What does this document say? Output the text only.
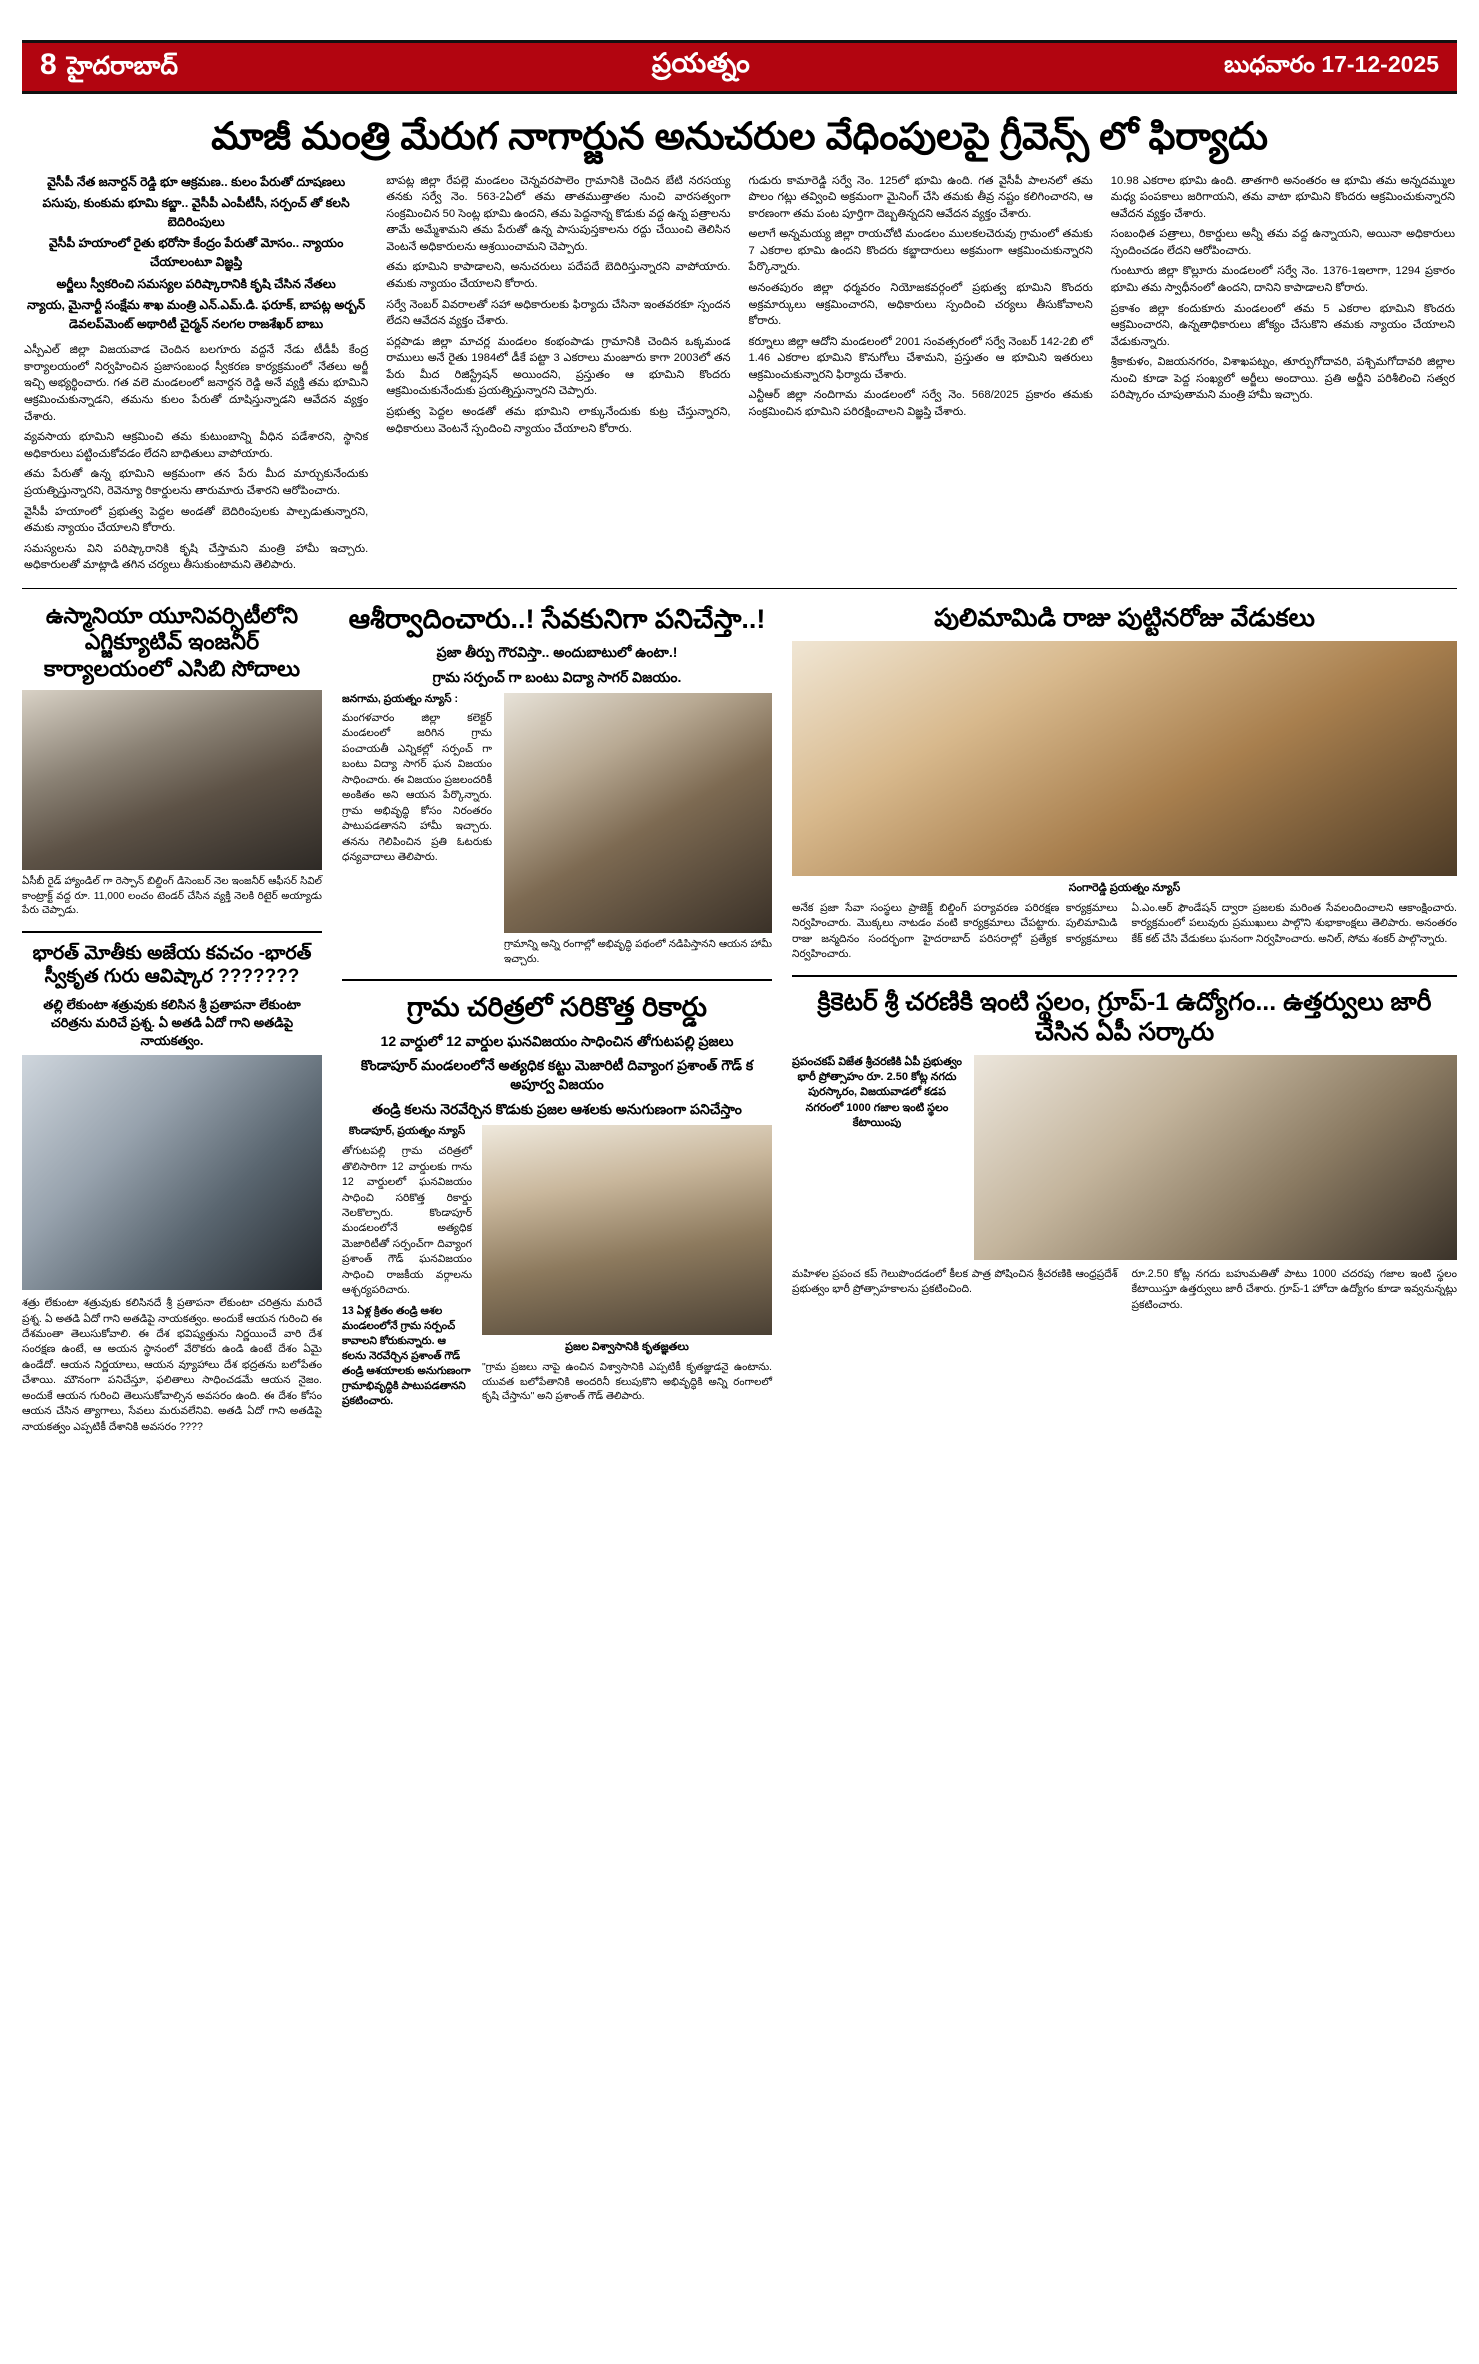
8 హైదరాబాద్	ప్రయత్నం	బుధవారం 17-12-2025
మాజీ మంత్రి మేరుగ నాగార్జున అనుచరుల వేధింపులపై గ్రీవెన్స్ లో ఫిర్యాదు
వైసీపీ నేత జనార్దన్ రెడ్డి భూ ఆక్రమణ.. కులం పేరుతో దూషణలు
పసుపు, కుంకుమ భూమి కబ్జా.. వైసీపీ ఎంపీటీసీ, సర్పంచ్ తో కలసి బెదిరింపులు
వైసీపీ హయాంలో రైతు భరోసా కేంద్రం పేరుతో మోసం.. న్యాయం చేయాలంటూ విజ్ఞప్తి
అర్జీలు స్వీకరించి సమస్యల పరిష్కారానికి కృషి చేసిన నేతలు
న్యాయ, మైనార్టీ సంక్షేమ శాఖ మంత్రి ఎన్.ఎమ్.డి. ఫరూక్, బాపట్ల అర్బన్ డెవలప్‌మెంట్ అథారిటీ చైర్మన్ నలగల రాజశేఖర్ బాబు

ఎస్పీఎల్ జిల్లా విజయవాడ చెందిన బలగూరు వద్దనే నేడు టీడీపీ కేంద్ర కార్యాలయంలో నిర్వహించిన ప్రజాసంబంధ స్వీకరణ కార్యక్రమంలో నేతలు అర్జీ ఇచ్చి అభ్యర్థించారు. గత వలె మండలంలో జనార్దన రెడ్డి అనే వ్యక్తి తమ భూమిని ఆక్రమించుకున్నాడని, తమను కులం పేరుతో దూషిస్తున్నాడని ఆవేదన వ్యక్తం చేశారు.

వ్యవసాయ భూమిని ఆక్రమించి తమ కుటుంబాన్ని వీధిన పడేశారని, స్థానిక అధికారులు పట్టించుకోవడం లేదని బాధితులు వాపోయారు.

తమ పేరుతో ఉన్న భూమిని అక్రమంగా తన పేరు మీద మార్చుకునేందుకు ప్రయత్నిస్తున్నారని, రెవెన్యూ రికార్డులను తారుమారు చేశారని ఆరోపించారు.

వైసీపీ హయాంలో ప్రభుత్వ పెద్దల అండతో బెదిరింపులకు పాల్పడుతున్నారని, తమకు న్యాయం చేయాలని కోరారు.

సమస్యలను విని పరిష్కారానికి కృషి చేస్తామని మంత్రి హామీ ఇచ్చారు. అధికారులతో మాట్లాడి తగిన చర్యలు తీసుకుంటామని తెలిపారు.

బాపట్ల జిల్లా రేపల్లె మండలం చెన్నవరపాలెం గ్రామానికి చెందిన బేటి నరసయ్య తనకు సర్వే నెం. 563-2ఏలో తమ తాతముత్తాతల నుంచి వారసత్వంగా సంక్రమించిన 50 సెంట్ల భూమి ఉందని, తమ పెద్దనాన్న కొడుకు వద్ద ఉన్న పత్రాలను తామే అమ్మేశామని తమ పేరుతో ఉన్న పాసుపుస్తకాలను రద్దు చేయించి తెలిసిన వెంటనే అధికారులను ఆశ్రయించామని చెప్పారు.

తమ భూమిని కాపాడాలని, అనుచరులు పదేపదే బెదిరిస్తున్నారని వాపోయారు. తమకు న్యాయం చేయాలని కోరారు.

సర్వే నెంబర్ వివరాలతో సహా అధికారులకు ఫిర్యాదు చేసినా ఇంతవరకూ స్పందన లేదని ఆవేదన వ్యక్తం చేశారు.

పర్లపాడు జిల్లా మాచర్ల మండలం కంభంపాడు గ్రామానికి చెందిన ఒక్కమండ రాములు అనే రైతు 1984లో డీకే పట్టా 3 ఎకరాలు మంజూరు కాగా 2003లో తన పేరు మీద రిజిస్ట్రేషన్ అయిందని, ప్రస్తుతం ఆ భూమిని కొందరు ఆక్రమించుకునేందుకు ప్రయత్నిస్తున్నారని చెప్పారు.

ప్రభుత్వ పెద్దల అండతో తమ భూమిని లాక్కునేందుకు కుట్ర చేస్తున్నారని, అధికారులు వెంటనే స్పందించి న్యాయం చేయాలని కోరారు.

గుడురు కామారెడ్డి సర్వే నెం. 125లో భూమి ఉంది. గత వైసీపీ పాలనలో తమ పొలం గట్లు తవ్వించి అక్రమంగా మైనింగ్ చేసి తమకు తీవ్ర నష్టం కలిగించారని, ఆ కారణంగా తమ పంట పూర్తిగా దెబ్బతిన్నదని ఆవేదన వ్యక్తం చేశారు.

అలాగే అన్నమయ్య జిల్లా రాయచోటి మండలం ములకలచెరువు గ్రామంలో తమకు 7 ఎకరాల భూమి ఉందని కొందరు కబ్జాదారులు అక్రమంగా ఆక్రమించుకున్నారని పేర్కొన్నారు.

అనంతపురం జిల్లా ధర్మవరం నియోజకవర్గంలో ప్రభుత్వ భూమిని కొందరు అక్రమార్కులు ఆక్రమించారని, అధికారులు స్పందించి చర్యలు తీసుకోవాలని కోరారు.

కర్నూలు జిల్లా ఆదోని మండలంలో 2001 సంవత్సరంలో సర్వే నెంబర్ 142-2బి లో 1.46 ఎకరాల భూమిని కొనుగోలు చేశామని, ప్రస్తుతం ఆ భూమిని ఇతరులు ఆక్రమించుకున్నారని ఫిర్యాదు చేశారు.

ఎన్టీఆర్ జిల్లా నందిగామ మండలంలో సర్వే నెం. 568/2025 ప్రకారం తమకు సంక్రమించిన భూమిని పరిరక్షించాలని విజ్ఞప్తి చేశారు.

10.98 ఎకరాల భూమి ఉంది. తాతగారి అనంతరం ఆ భూమి తమ అన్నదమ్ముల మధ్య పంపకాలు జరిగాయని, తమ వాటా భూమిని కొందరు ఆక్రమించుకున్నారని ఆవేదన వ్యక్తం చేశారు.

సంబంధిత పత్రాలు, రికార్డులు అన్నీ తమ వద్ద ఉన్నాయని, అయినా అధికారులు స్పందించడం లేదని ఆరోపించారు.

గుంటూరు జిల్లా కొల్లూరు మండలంలో సర్వే నెం. 1376-1ఇలాగా, 1294 ప్రకారం భూమి తమ స్వాధీనంలో ఉందని, దానిని కాపాడాలని కోరారు.

ప్రకాశం జిల్లా కందుకూరు మండలంలో తమ 5 ఎకరాల భూమిని కొందరు ఆక్రమించారని, ఉన్నతాధికారులు జోక్యం చేసుకొని తమకు న్యాయం చేయాలని వేడుకున్నారు.

శ్రీకాకుళం, విజయనగరం, విశాఖపట్నం, తూర్పుగోదావరి, పశ్చిమగోదావరి జిల్లాల నుంచి కూడా పెద్ద సంఖ్యలో అర్జీలు అందాయి. ప్రతి అర్జీని పరిశీలించి సత్వర పరిష్కారం చూపుతామని మంత్రి హామీ ఇచ్చారు.

ఉస్మానియా యూనివర్సిటీలోని ఎగ్జిక్యూటివ్ ఇంజనీర్ కార్యాలయంలో ఎసిబి సోదాలు
ఏసీబీ రైడ్ హ్యాండిల్ గా రెస్పాన్ బిల్డింగ్ డిసెంబర్ నెల ఇంజనీర్ ఆఫీసర్ సివిల్ కాంట్రాక్ట్ వద్ద రూ. 11,000 లంచం టెండర్ చేసిన వ్యక్తి నెలకి రిటైర్ అయ్యాడు పేరు చెప్పాడు.
భారత్ మోతీకు అజేయ కవచం -భారత్ స్వీకృత గురు ఆవిష్కార ???????
తల్లి లేకుంటా శత్రువుకు కలిసిన శ్రీ ప్రతాపనా లేకుంటా చరిత్రను మరిచే ప్రశ్న. ఏ అతడి ఏదో గాని అతడిపై నాయకత్వం.
శత్రు లేకుంటా శత్రువుకు కలిసినదే శ్రీ ప్రతాపనా లేకుంటా చరిత్రను మరిచే ప్రశ్న. ఏ అతడి ఏదో గాని అతడిపై నాయకత్వం. అందుకే ఆయన గురించి ఈ దేశమంతా తెలుసుకోవాలి. ఈ దేశ భవిష్యత్తును నిర్ణయించే వారి దేశ సంరక్షణ ఉంటే, ఆ అయన స్థానంలో వేరొకరు ఉండి ఉంటే దేశం ఏమై ఉండేదో. ఆయన నిర్ణయాలు, ఆయన వ్యూహాలు దేశ భద్రతను బలోపేతం చేశాయి. మౌనంగా పనిచేస్తూ, ఫలితాలు సాధించడమే ఆయన నైజం. అందుకే ఆయన గురించి తెలుసుకోవాల్సిన అవసరం ఉంది. ఈ దేశం కోసం ఆయన చేసిన త్యాగాలు, సేవలు మరువలేనివి. అతడి ఏదో గాని అతడిపై నాయకత్వం ఎప్పటికీ దేశానికి అవసరం ????
ఆశీర్వాదించారు..! సేవకునిగా పనిచేస్తా..!
ప్రజా తీర్పు గౌరవిస్తా.. అందుబాటులో ఉంటా.!
గ్రామ సర్పంచ్ గా బంటు విద్యా సాగర్ విజయం.
జనగామ, ప్రయత్నం న్యూస్ :
మంగళవారం జిల్లా కలెక్టర్ మండలంలో జరిగిన గ్రామ పంచాయతీ ఎన్నికల్లో సర్పంచ్ గా బంటు విద్యా సాగర్ ఘన విజయం సాధించారు. ఈ విజయం ప్రజలందరికీ అంకితం అని ఆయన పేర్కొన్నారు. గ్రామ అభివృద్ధి కోసం నిరంతరం పాటుపడతానని హామీ ఇచ్చారు. తనను గెలిపించిన ప్రతి ఓటరుకు ధన్యవాదాలు తెలిపారు.
గ్రామాన్ని అన్ని రంగాల్లో అభివృద్ధి పథంలో నడిపిస్తానని ఆయన హామీ ఇచ్చారు.
గ్రామ చరిత్రలో సరికొత్త రికార్డు
12 వార్డులో 12 వార్డుల ఘనవిజయం సాధించిన తోగుటపల్లి ప్రజలు
కొండాపూర్ మండలంలోనే అత్యధిక కట్టు మెజారిటీ దివ్యాంగ ప్రశాంత్ గౌడ్ క అపూర్వ విజయం
తండ్రి కలను నెరవేర్చిన కొడుకు ప్రజల ఆశలకు అనుగుణంగా పనిచేస్తాం
కొండాపూర్, ప్రయత్నం న్యూస్
తోగుటపల్లి గ్రామ చరిత్రలో తొలిసారిగా 12 వార్డులకు గాను 12 వార్డులలో ఘనవిజయం సాధించి సరికొత్త రికార్డు నెలకొల్పారు. కొండాపూర్ మండలంలోనే అత్యధిక మెజారిటీతో సర్పంచ్‌గా దివ్యాంగ ప్రశాంత్ గౌడ్ ఘనవిజయం సాధించి రాజకీయ వర్గాలను ఆశ్చర్యపరిచారు.
13 ఏళ్ల క్రితం తండ్రి ఆశల మండలంలోనే గ్రామ సర్పంచ్ కావాలని కోరుకున్నారు. ఆ కలను నెరవేర్చిన ప్రశాంత్ గౌడ్ తండ్రి ఆశయాలకు అనుగుణంగా గ్రామాభివృద్ధికి పాటుపడతానని ప్రకటించారు.
ప్రజల విశ్వాసానికి కృతజ్ఞతలు
"గ్రామ ప్రజలు నాపై ఉంచిన విశ్వాసానికి ఎప్పటికీ కృతజ్ఞుడనై ఉంటాను. యువత బలోపేతానికి అందరినీ కలుపుకొని అభివృద్ధికి అన్ని రంగాలలో కృషి చేస్తాను" అని ప్రశాంత్ గౌడ్ తెలిపారు.
పులిమామిడి రాజు పుట్టినరోజు వేడుకలు
సంగారెడ్డి ప్రయత్నం న్యూస్
అనేక ప్రజా సేవా సంస్థలు ప్రాజెక్ట్ బిల్డింగ్ పర్యావరణ పరిరక్షణ కార్యక్రమాలు నిర్వహించారు. మొక్కలు నాటడం వంటి కార్యక్రమాలు చేపట్టారు. పులిమామిడి రాజు జన్మదినం సందర్భంగా హైదరాబాద్ పరిసరాల్లో ప్రత్యేక కార్యక్రమాలు నిర్వహించారు.
ఏ.ఎం.ఆర్ ఫౌండేషన్ ద్వారా ప్రజలకు మరింత సేవలందించాలని ఆకాంక్షించారు. కార్యక్రమంలో పలువురు ప్రముఖులు పాల్గొని శుభాకాంక్షలు తెలిపారు. అనంతరం కేక్ కట్ చేసి వేడుకలు ఘనంగా నిర్వహించారు. అనిల్, సోమ శంకర్ పాల్గొన్నారు.
క్రికెటర్ శ్రీ చరణికి ఇంటి స్థలం, గ్రూప్-1 ఉద్యోగం... ఉత్తర్వులు జారీ చేసిన ఏపీ సర్కారు
ప్రపంచకప్ విజేత శ్రీచరణికి ఏపీ ప్రభుత్వం భారీ ప్రోత్సాహం రూ. 2.50 కోట్ల నగదు పురస్కారం, విజయవాడలో కడప నగరంలో 1000 గజాల ఇంటి స్థలం కేటాయింపు
మహిళల ప్రపంచ కప్ గెలుపొందడంలో కీలక పాత్ర పోషించిన శ్రీచరణికి ఆంధ్రప్రదేశ్ ప్రభుత్వం భారీ ప్రోత్సాహకాలను ప్రకటించింది.
రూ.2.50 కోట్ల నగదు బహుమతితో పాటు 1000 చదరపు గజాల ఇంటి స్థలం కేటాయిస్తూ ఉత్తర్వులు జారీ చేశారు. గ్రూప్-1 హోదా ఉద్యోగం కూడా ఇవ్వనున్నట్లు ప్రకటించారు.
